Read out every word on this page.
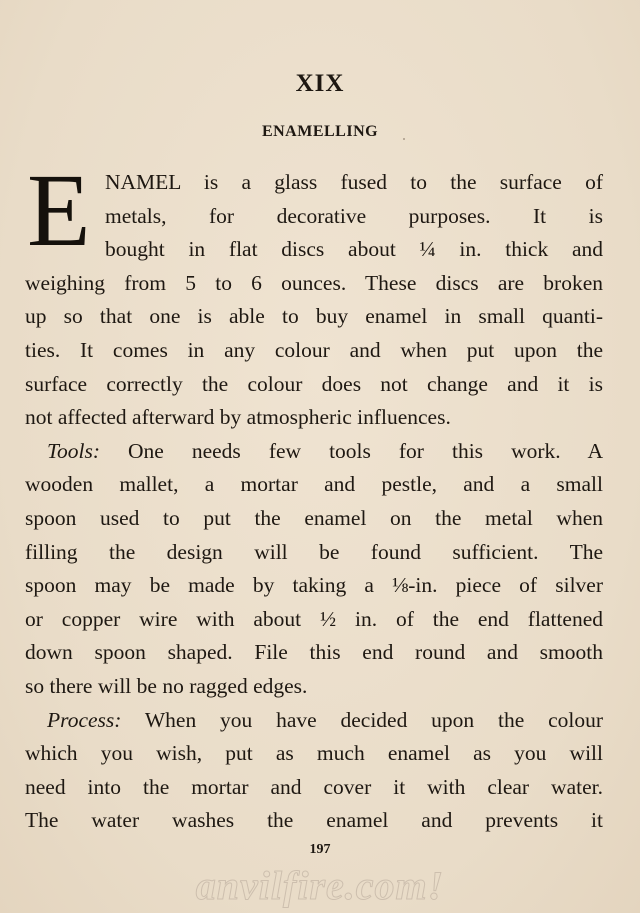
XIX
ENAMELLING
E NAMEL is a glass fused to the surface of
metals, for decorative purposes. It is
bought in flat discs about ¼ in. thick and
weighing from 5 to 6 ounces. These discs are broken
up so that one is able to buy enamel in small quanti-
ties. It comes in any colour and when put upon the
surface correctly the colour does not change and it is
not affected afterward by atmospheric influences.
Tools: One needs few tools for this work. A
wooden mallet, a mortar and pestle, and a small
spoon used to put the enamel on the metal when
filling the design will be found sufficient. The
spoon may be made by taking a ⅛-in. piece of silver
or copper wire with about ½ in. of the end flattened
down spoon shaped. File this end round and smooth
so there will be no ragged edges.
Process: When you have decided upon the colour
which you wish, put as much enamel as you will
need into the mortar and cover it with clear water.
The water washes the enamel and prevents it
197
anvilfire.com!
